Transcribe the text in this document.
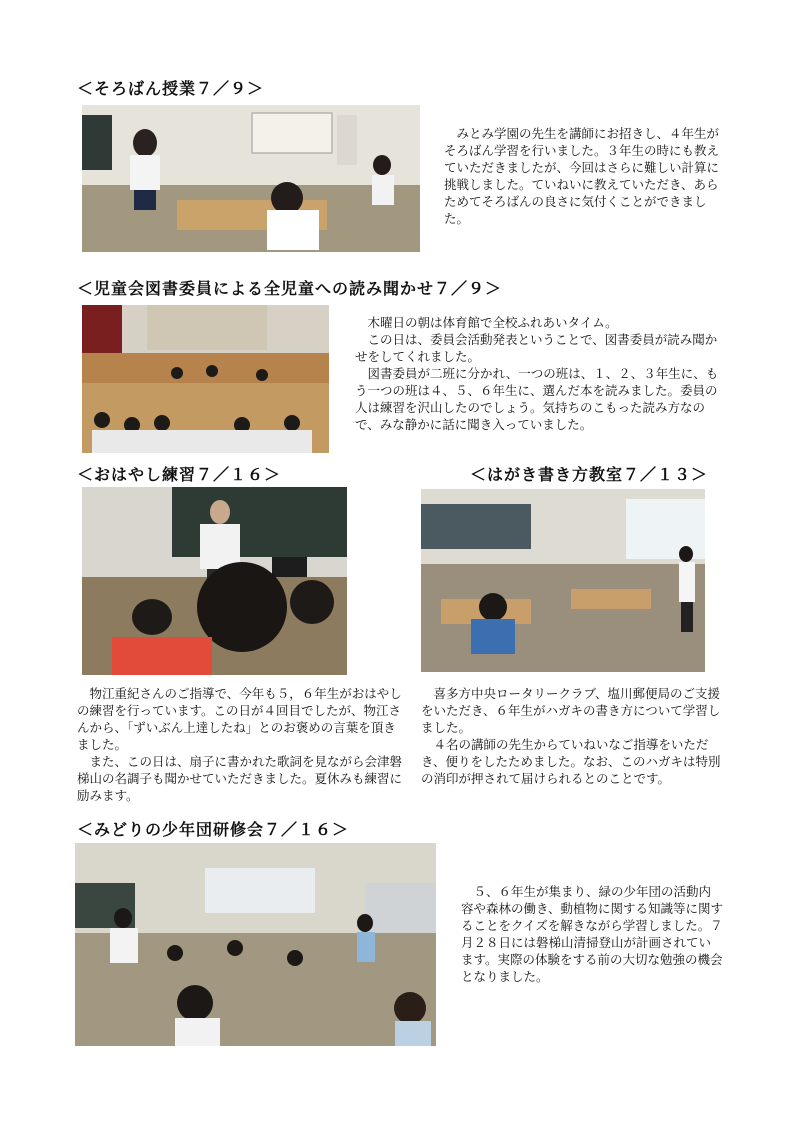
＜そろばん授業７／９＞

　みとみ学園の先生を講師にお招きし、４年生がそろばん学習を行いました。３年生の時にも教えていただきましたが、今回はさらに難しい計算に挑戦しました。ていねいに教えていただき、あらためてそろばんの良さに気付くことができました。

＜児童会図書委員による全児童への読み聞かせ７／９＞

　木曜日の朝は体育館で全校ふれあいタイム。

　この日は、委員会活動発表ということで、図書委員が読み聞かせをしてくれました。

　図書委員が二班に分かれ、一つの班は、１、２、３年生に、もう一つの班は４、５、６年生に、選んだ本を読みました。委員の人は練習を沢山したのでしょう。気持ちのこもった読み方なので、みな静かに話に聞き入っていました。

＜おはやし練習７／１６＞

　物江重紀さんのご指導で、今年も５，６年生がおはやしの練習を行っています。この日が４回目でしたが、物江さんから、「ずいぶん上達したね」とのお褒めの言葉を頂きました。

　また、この日は、扇子に書かれた歌詞を見ながら会津磐梯山の名調子も聞かせていただきました。夏休みも練習に励みます。

＜はがき書き方教室７／１３＞

　喜多方中央ロータリークラブ、塩川郵便局のご支援をいただき、６年生がハガキの書き方について学習しました。

　４名の講師の先生からていねいなご指導をいただき、便りをしたためました。なお、このハガキは特別の消印が押されて届けられるとのことです。

＜みどりの少年団研修会７／１６＞

　５、６年生が集まり、緑の少年団の活動内容や森林の働き、動植物に関する知識等に関することをクイズを解きながら学習しました。７月２８日には磐梯山清掃登山が計画されています。実際の体験をする前の大切な勉強の機会となりました。
